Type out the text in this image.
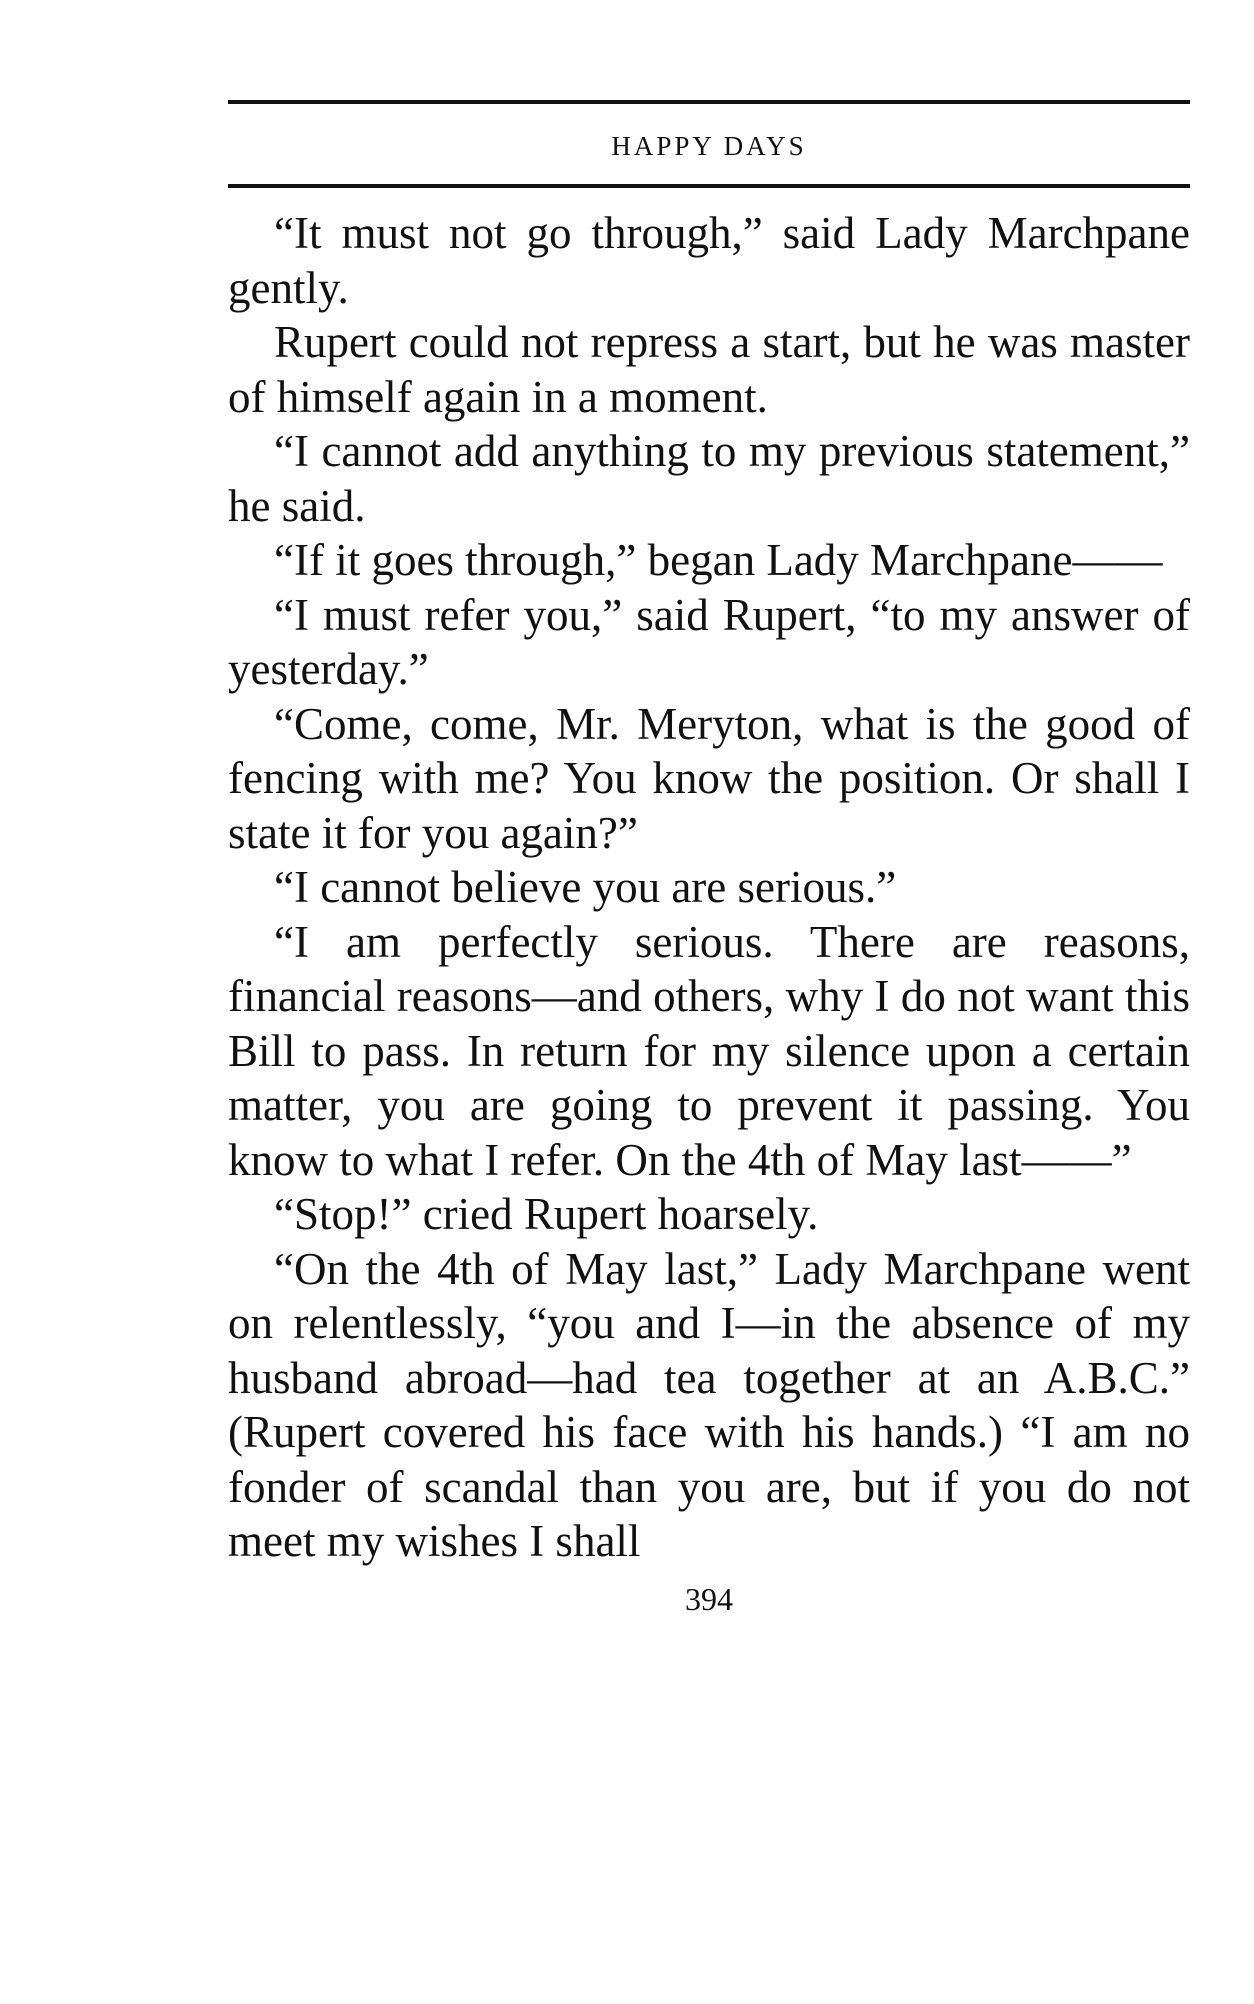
HAPPY DAYS

“It must not go through,” said Lady Marchpane gently.

Rupert could not repress a start, but he was master of himself again in a moment.

“I cannot add anything to my previous statement,” he said.

“If it goes through,” began Lady Marchpane——

“I must refer you,” said Rupert, “to my answer of yesterday.”

“Come, come, Mr. Meryton, what is the good of fencing with me? You know the position. Or shall I state it for you again?”

“I cannot believe you are serious.”

“I am perfectly serious. There are reasons, financial reasons—and others, why I do not want this Bill to pass. In return for my silence upon a certain matter, you are going to prevent it passing. You know to what I refer. On the 4th of May last——”

“Stop!” cried Rupert hoarsely.

“On the 4th of May last,” Lady Marchpane went on relentlessly, “you and I—in the absence of my husband abroad—had tea together at an A.B.C.” (Rupert covered his face with his hands.) “I am no fonder of scandal than you are, but if you do not meet my wishes I shall

394
